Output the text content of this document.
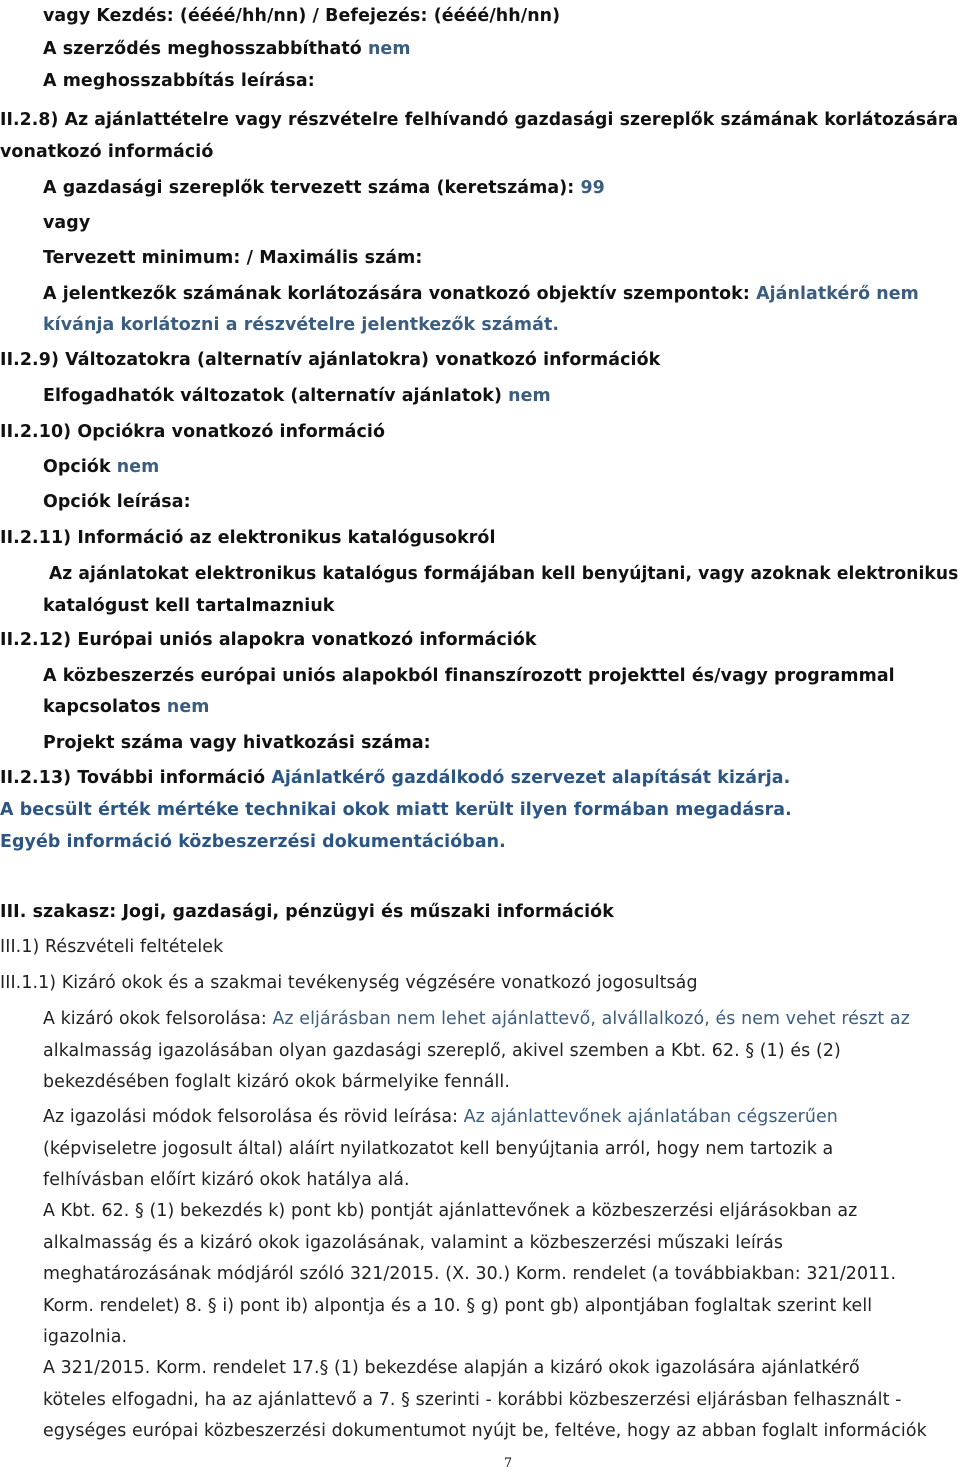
vagy Kezdés: (éééé/hh/nn) / Befejezés: (éééé/hh/nn)
A szerződés meghosszabbítható nem
A meghosszabbítás leírása:
II.2.8) Az ajánlattételre vagy részvételre felhívandó gazdasági szereplők számának korlátozására
vonatkozó információ
A gazdasági szereplők tervezett száma (keretszáma): 99
vagy
Tervezett minimum: / Maximális szám:
A jelentkezők számának korlátozására vonatkozó objektív szempontok: Ajánlatkérő nem
kívánja korlátozni a részvételre jelentkezők számát.
II.2.9) Változatokra (alternatív ajánlatokra) vonatkozó információk
Elfogadhatók változatok (alternatív ajánlatok) nem
II.2.10) Opciókra vonatkozó információ
Opciók nem
Opciók leírása:
II.2.11) Információ az elektronikus katalógusokról
Az ajánlatokat elektronikus katalógus formájában kell benyújtani, vagy azoknak elektronikus
katalógust kell tartalmazniuk
II.2.12) Európai uniós alapokra vonatkozó információk
A közbeszerzés európai uniós alapokból finanszírozott projekttel és/vagy programmal
kapcsolatos nem
Projekt száma vagy hivatkozási száma:
II.2.13) További információ Ajánlatkérő gazdálkodó szervezet alapítását kizárja.
A becsült érték mértéke technikai okok miatt került ilyen formában megadásra.
Egyéb információ közbeszerzési dokumentációban.
III. szakasz: Jogi, gazdasági, pénzügyi és műszaki információk
III.1) Részvételi feltételek
III.1.1) Kizáró okok és a szakmai tevékenység végzésére vonatkozó jogosultság
A kizáró okok felsorolása: Az eljárásban nem lehet ajánlattevő, alvállalkozó, és nem vehet részt az
alkalmasság igazolásában olyan gazdasági szereplő, akivel szemben a Kbt. 62. § (1) és (2)
bekezdésében foglalt kizáró okok bármelyike fennáll.
Az igazolási módok felsorolása és rövid leírása: Az ajánlattevőnek ajánlatában cégszerűen
(képviseletre jogosult által) aláírt nyilatkozatot kell benyújtania arról, hogy nem tartozik a
felhívásban előírt kizáró okok hatálya alá.
A Kbt. 62. § (1) bekezdés k) pont kb) pontját ajánlattevőnek a közbeszerzési eljárásokban az
alkalmasság és a kizáró okok igazolásának, valamint a közbeszerzési műszaki leírás
meghatározásának módjáról szóló 321/2015. (X. 30.) Korm. rendelet (a továbbiakban: 321/2011.
Korm. rendelet) 8. § i) pont ib) alpontja és a 10. § g) pont gb) alpontjában foglaltak szerint kell
igazolnia.
A 321/2015. Korm. rendelet 17.§ (1) bekezdése alapján a kizáró okok igazolására ajánlatkérő
köteles elfogadni, ha az ajánlattevő a 7. § szerinti - korábbi közbeszerzési eljárásban felhasznált -
egységes európai közbeszerzési dokumentumot nyújt be, feltéve, hogy az abban foglalt információk
7
